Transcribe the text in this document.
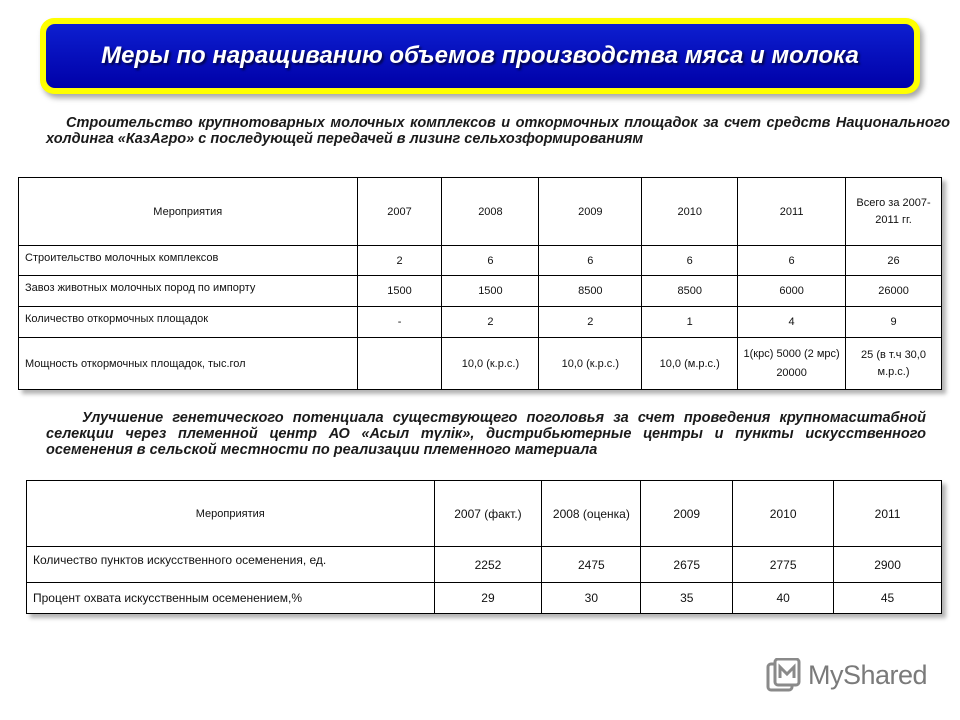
Меры по наращиванию объемов производства мяса и молока
Строительство крупнотоварных молочных комплексов и откормочных площадок за счет средств Национального холдинга «КазАгро» с последующей передачей в лизинг сельхозформированиям
Мероприятия	2007	2008	2009	2010	2011	Всего за 2007-2011 гг.
Строительство молочных комплексов	2	6	6	6	6	26
Завоз животных молочных пород по импорту	1500	1500	8500	8500	6000	26000
Количество откормочных площадок	-	2	2	1	4	9
Мощность откормочных площадок, тыс.гол		10,0 (к.р.с.)	10,0 (к.р.с.)	10,0 (м.р.с.)	1(крс) 5000 (2 мрс) 20000	25 (в т.ч 30,0 м.р.с.)
Улучшение генетического потенциала существующего поголовья за счет проведения крупномасштабной селекции через племенной центр АО «Асыл түлік», дистрибьютерные центры и пункты искусственного осеменения в сельской местности по реализации племенного материала
Мероприятия	2007 (факт.)	2008 (оценка)	2009	2010	2011
Количество пунктов искусственного осеменения, ед.	2252	2475	2675	2775	2900
Процент охвата искусственным осеменением,%	29	30	35	40	45
MyShared
